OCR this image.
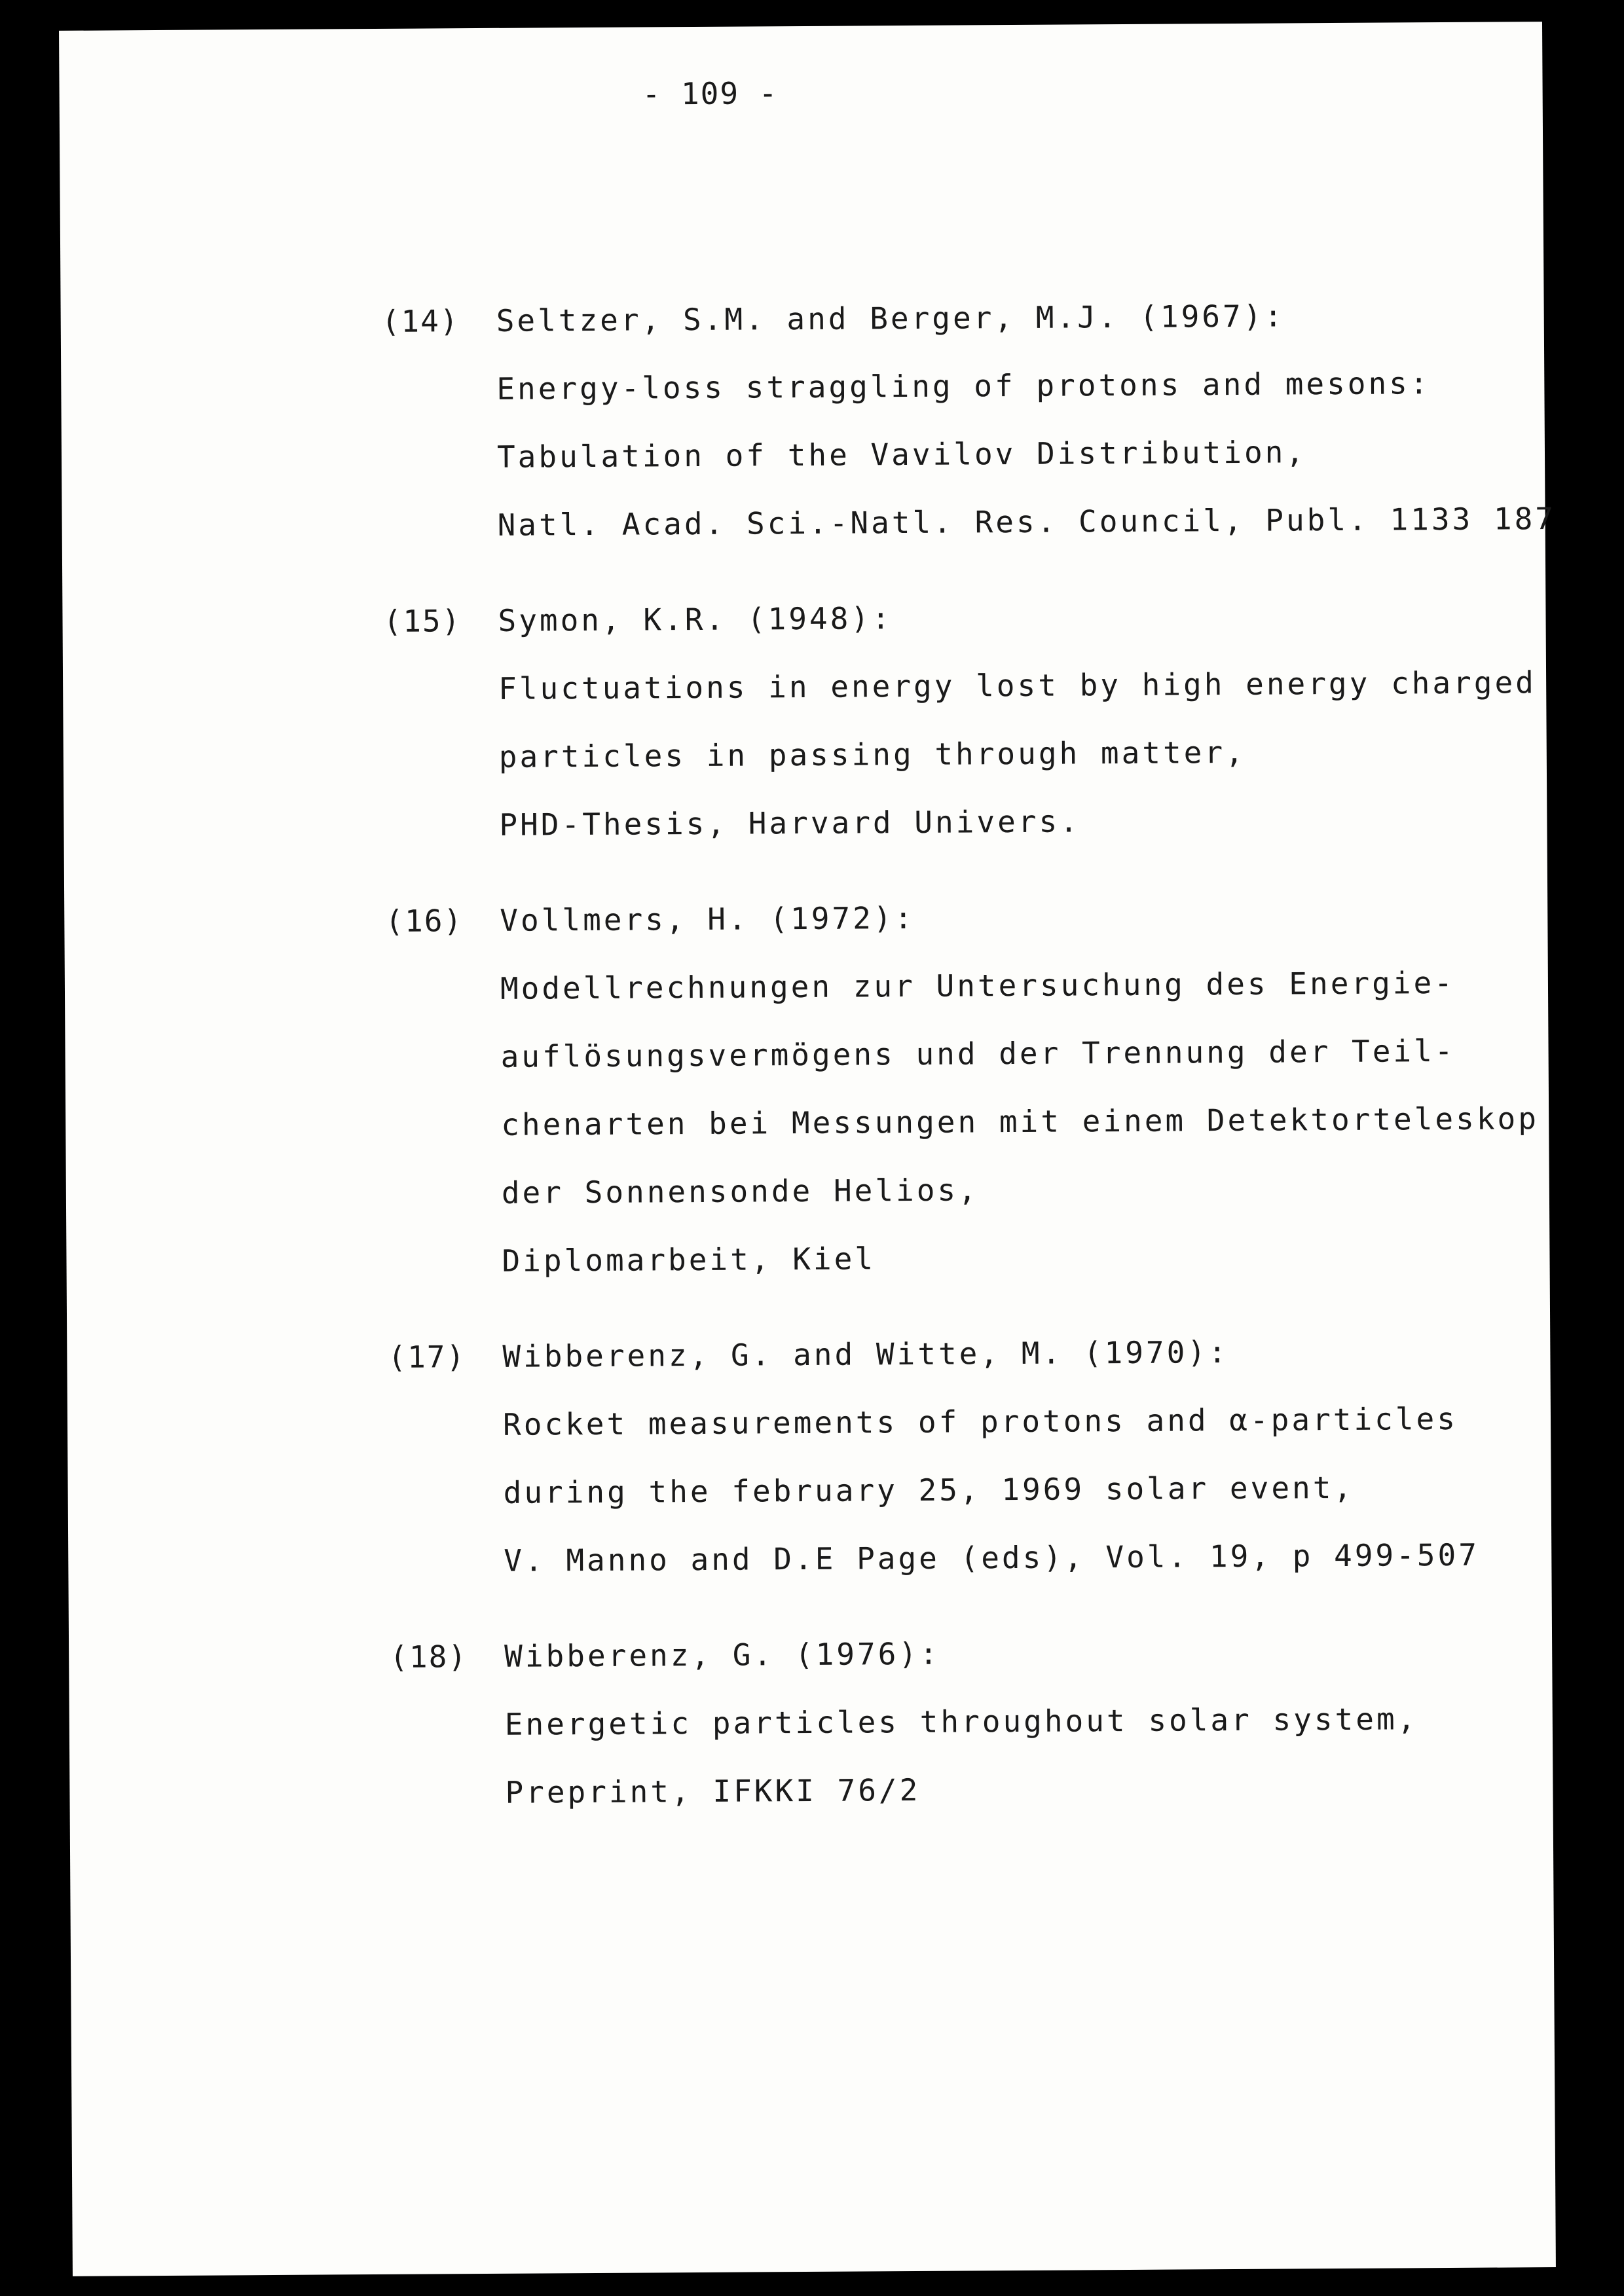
- 109 -
(14)	Seltzer, S.M. and Berger, M.J. (1967):
Energy-loss straggling of protons and mesons:
Tabulation of the Vavilov Distribution,
Natl. Acad. Sci.-Natl. Res. Council, Publ. 1133 187
(15)	Symon, K.R. (1948):
Fluctuations in energy lost by high energy charged
particles in passing through matter,
PHD-Thesis, Harvard Univers.
(16)	Vollmers, H. (1972):
Modellrechnungen zur Untersuchung des Energie-
auflösungsvermögens und der Trennung der Teil-
chenarten bei Messungen mit einem Detektorteleskop
der Sonnensonde Helios,
Diplomarbeit, Kiel
(17)	Wibberenz, G. and Witte, M. (1970):
Rocket measurements of protons and α-particles
during the february 25, 1969 solar event,
V. Manno and D.E Page (eds), Vol. 19, p 499-507
(18)	Wibberenz, G. (1976):
Energetic particles throughout solar system,
Preprint, IFKKI 76/2
